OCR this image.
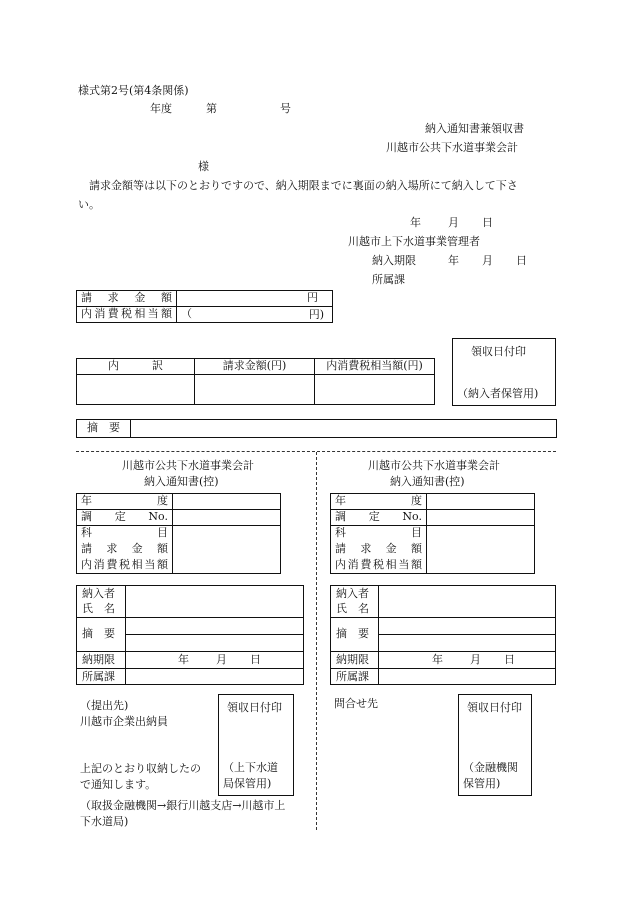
様式第2号(第4条関係)
年度	第	号
納入通知書兼領収書
川越市公共下水道事業会計
様
　請求金額等は以下のとおりですので、納入期限までに裏面の納入場所にて納入して下さ
い。
年 月 日
川越市上下水道事業管理者
納入期限	年 月 日
所属課
請求金額	円

内消費税相当額	（ 円)
領収日付印
（納入者保管用)
内　　　訳	請求金額(円)	内消費税相当額(円)

摘　要	
川越市公共下水道事業会計
納入通知書(控)
年度	

調定No.	

科目	

請求金額	

内消費税相当額	
納入者
氏　名
摘　要
納期限	年 月 日
所属課
（提出先)
川越市企業出納員
領収日付印
（上下水道
局保管用)
上記のとおり収納したの
で通知します。
（取扱金融機関→銀行川越支店→川越市上
下水道局)
川越市公共下水道事業会計
納入通知書(控)
年度	

調定No.	

科目	

請求金額	

内消費税相当額	
納入者
氏　名
摘　要
納期限	年 月 日
所属課
問合せ先	領収日付印
（金融機関
保管用)
